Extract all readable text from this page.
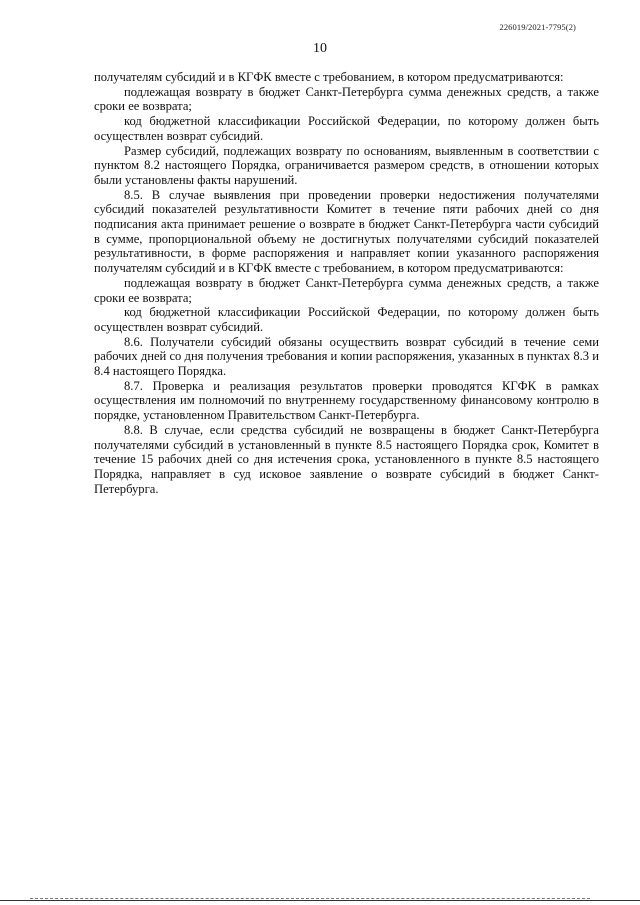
226019/2021-7795(2)
10

получателям субсидий и в КГФК вместе с требованием, в котором предусматриваются:

подлежащая возврату в бюджет Санкт-Петербурга сумма денежных средств, а также сроки ее возврата;

код бюджетной классификации Российской Федерации, по которому должен быть осуществлен возврат субсидий.

Размер субсидий, подлежащих возврату по основаниям, выявленным в соответствии с пунктом 8.2 настоящего Порядка, ограничивается размером средств, в отношении которых были установлены факты нарушений.

8.5. В случае выявления при проведении проверки недостижения получателями субсидий показателей результативности Комитет в течение пяти рабочих дней со дня подписания акта принимает решение о возврате в бюджет Санкт-Петербурга части субсидий в сумме, пропорциональной объему не достигнутых получателями субсидий показателей результативности, в форме распоряжения и направляет копии указанного распоряжения получателям субсидий и в КГФК вместе с требованием, в котором предусматриваются:

подлежащая возврату в бюджет Санкт-Петербурга сумма денежных средств, а также сроки ее возврата;

код бюджетной классификации Российской Федерации, по которому должен быть осуществлен возврат субсидий.

8.6. Получатели субсидий обязаны осуществить возврат субсидий в течение семи рабочих дней со дня получения требования и копии распоряжения, указанных в пунктах 8.3 и 8.4 настоящего Порядка.

8.7. Проверка и реализация результатов проверки проводятся КГФК в рамках осуществления им полномочий по внутреннему государственному финансовому контролю в порядке, установленном Правительством Санкт-Петербурга.

8.8. В случае, если средства субсидий не возвращены в бюджет Санкт-Петербурга получателями субсидий в установленный в пункте 8.5 настоящего Порядка срок, Комитет в течение 15 рабочих дней со дня истечения срока, установленного в пункте 8.5 настоящего Порядка, направляет в суд исковое заявление о возврате субсидий в бюджет Санкт-Петербурга.
